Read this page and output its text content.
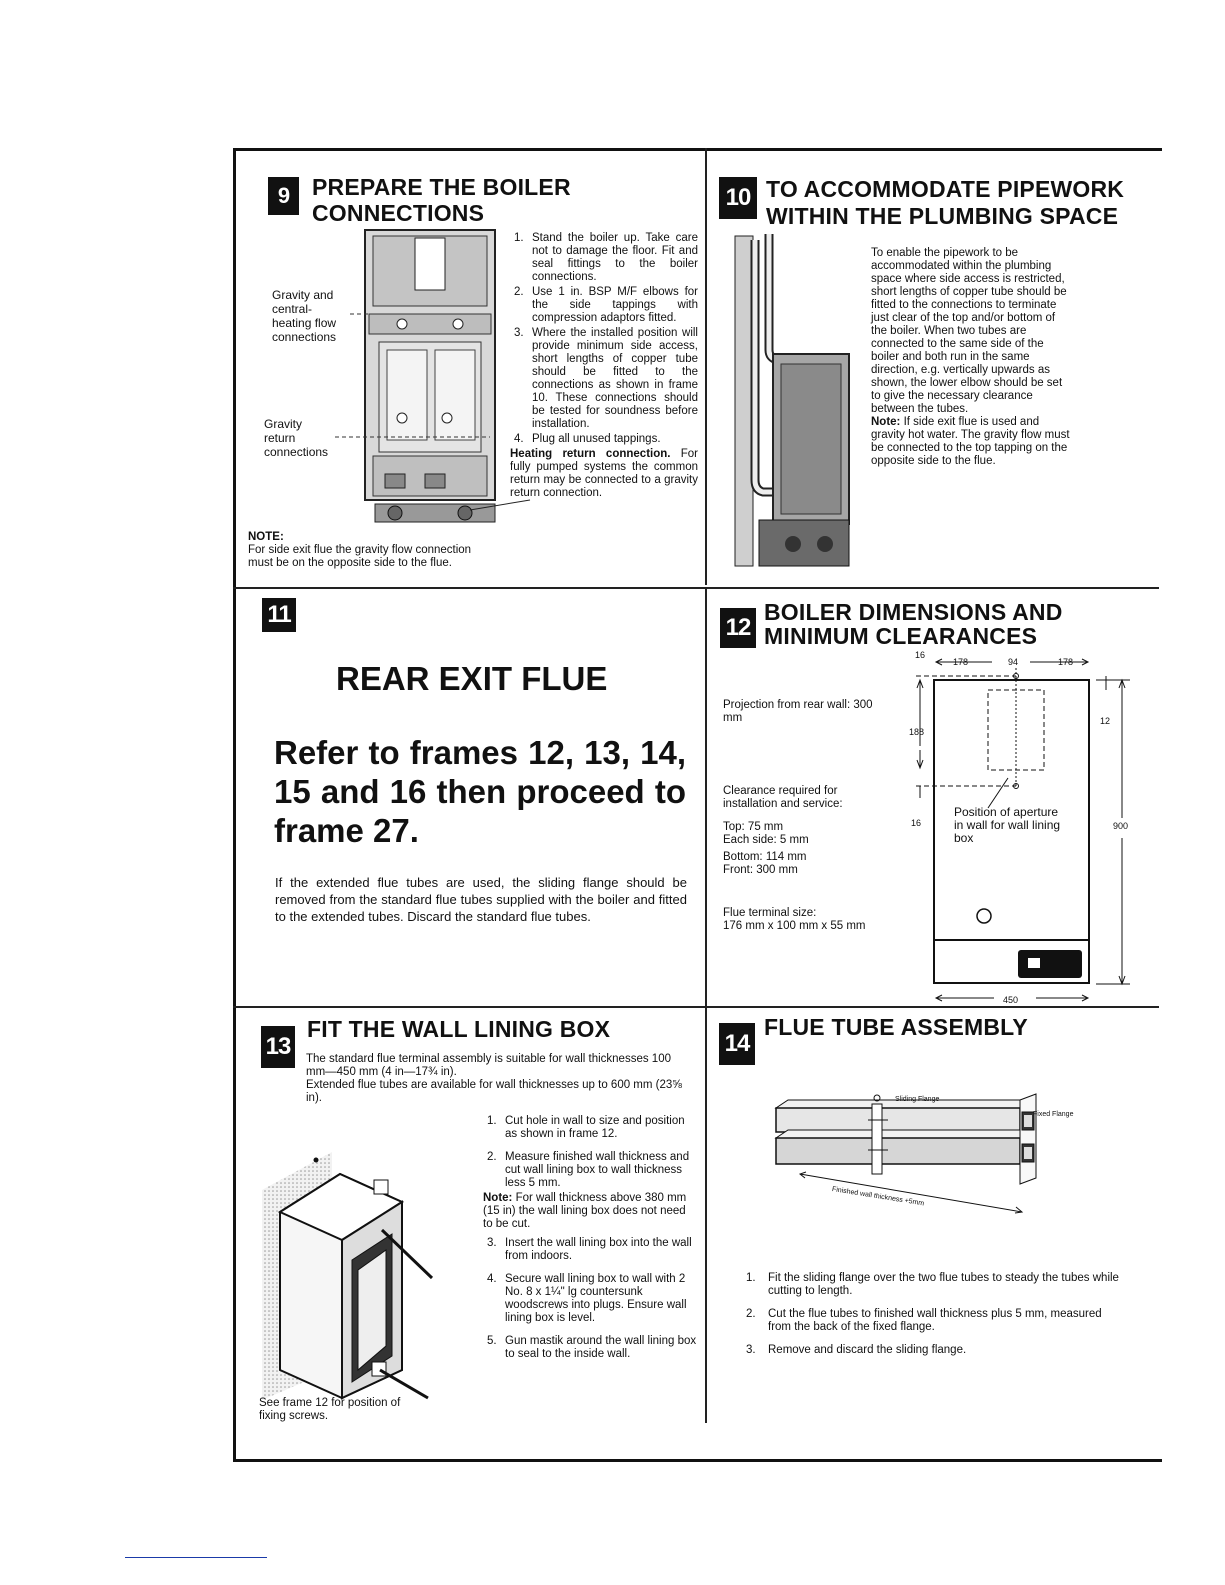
9 PREPARE THE BOILER
CONNECTIONS
Gravity and
central-
heating flow
connections
Gravity
return
connections
NOTE:
For side exit flue the gravity flow connection must be on the opposite side to the flue.
1. Stand the boiler up. Take care not to damage the floor. Fit and seal fittings to the boiler connections.
2. Use 1 in. BSP M/F elbows for the side tappings with compression adaptors fitted.
3. Where the installed position will provide minimum side access, short lengths of copper tube should be fitted to the connections as shown in frame 10. These connections should be tested for soundness before installation.
4. Plug all unused tappings.
Heating return connection. For fully pumped systems the common return may be connected to a gravity return connection.
10 TO ACCOMMODATE PIPEWORK
WITHIN THE PLUMBING SPACE
To enable the pipework to be accommodated within the plumbing space where side access is restricted, short lengths of copper tube should be fitted to the connections to terminate just clear of the top and/or bottom of the boiler. When two tubes are connected to the same side of the boiler and both run in the same direction, e.g. vertically upwards as shown, the lower elbow should be set to give the necessary clearance between the tubes.
Note: If side exit flue is used and gravity hot water. The gravity flow must be connected to the top tapping on the opposite side to the flue.
11
REAR EXIT FLUE
Refer to frames 12, 13, 14, 15 and 16 then proceed to frame 27.
If the extended flue tubes are used, the sliding flange should be removed from the standard flue tubes supplied with the boiler and fitted to the extended tubes. Discard the standard flue tubes.
12
BOILER DIMENSIONS AND
MINIMUM CLEARANCES
Projection from rear wall: 300 mm
Clearance required for installation and service:
Top: 75 mm
Each side: 5 mm
Bottom: 114 mm
Front: 300 mm
Flue terminal size:
176 mm x 100 mm x 55 mm
16
178	94	178
188
16
12
900
450
Position of aperture in wall for wall lining box
13
FIT THE WALL LINING BOX
The standard flue terminal assembly is suitable for wall thicknesses 100 mm—450 mm (4 in—17¾ in).
Extended flue tubes are available for wall thicknesses up to 600 mm (23⅝ in).
See frame 12 for position of fixing screws.
1. Cut hole in wall to size and position as shown in frame 12.
2. Measure finished wall thickness and cut wall lining box to wall thickness less 5 mm.
Note: For wall thickness above 380 mm (15 in) the wall lining box does not need to be cut.
3. Insert the wall lining box into the wall from indoors.
4. Secure wall lining box to wall with 2 No. 8 x 1¼" lg countersunk woodscrews into plugs. Ensure wall lining box is level.
5. Gun mastik around the wall lining box to seal to the inside wall.
14
FLUE TUBE ASSEMBLY
Sliding Flange
Fixed Flange
Finished wall thickness +5mm
1. Fit the sliding flange over the two flue tubes to steady the tubes while cutting to length.
2. Cut the flue tubes to finished wall thickness plus 5 mm, measured from the back of the fixed flange.
3. Remove and discard the sliding flange.
